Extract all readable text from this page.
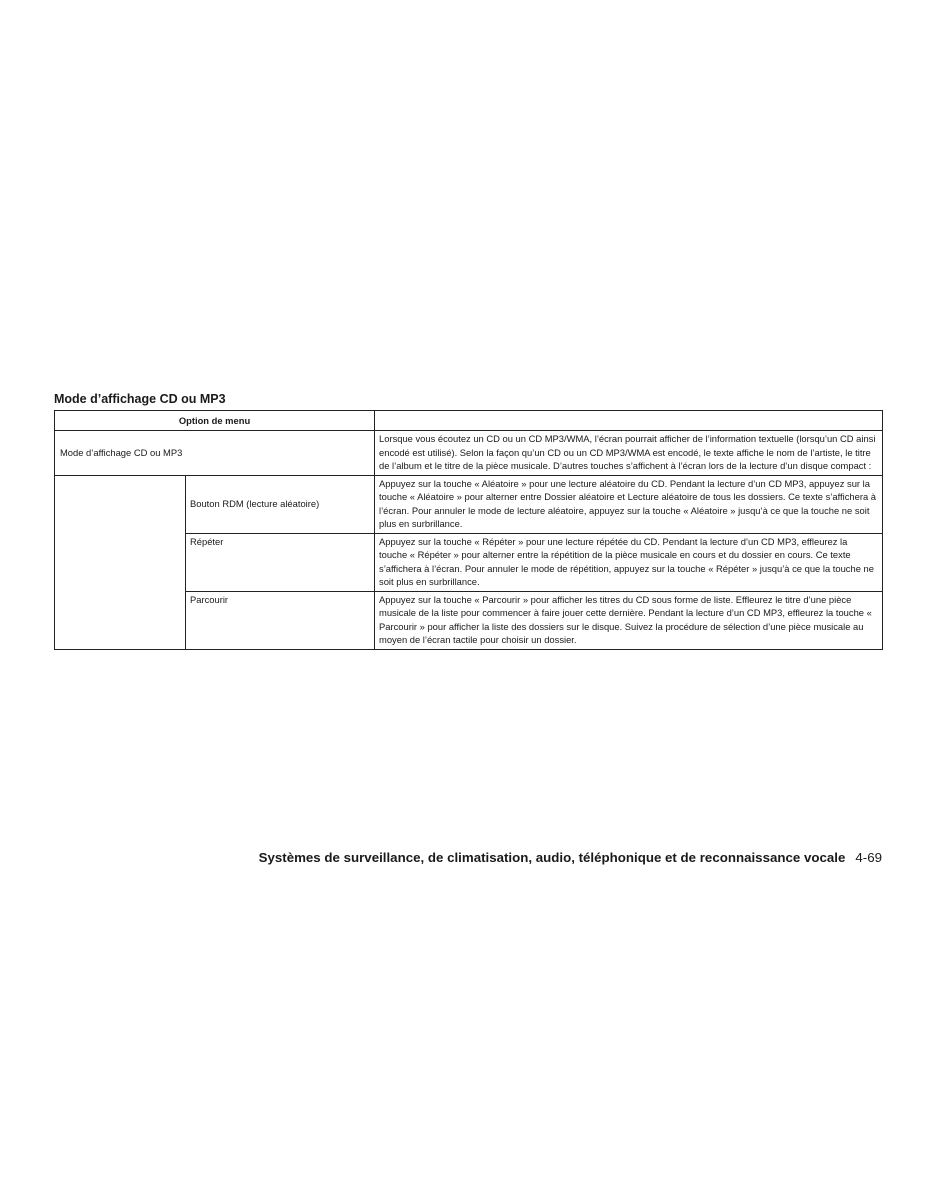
Mode d’affichage CD ou MP3
Option de menu		
Mode d’affichage CD ou MP3		Lorsque vous écoutez un CD ou un CD MP3/WMA, l’écran pourrait afficher de l’information textuelle (lorsqu’un CD ainsi encodé est utilisé). Selon la façon qu’un CD ou un CD MP3/WMA est encodé, le texte affiche le nom de l’artiste, le titre de l’album et le titre de la pièce musicale. D’autres touches s’affichent à l’écran lors de la lecture d’un disque compact :
	Bouton RDM (lecture aléatoire)	Appuyez sur la touche « Aléatoire » pour une lecture aléatoire du CD. Pendant la lecture d’un CD MP3, appuyez sur la touche « Aléatoire » pour alterner entre Dossier aléatoire et Lecture aléatoire de tous les dossiers. Ce texte s’affichera à l’écran. Pour annuler le mode de lecture aléatoire, appuyez sur la touche « Aléatoire » jusqu’à ce que la touche ne soit plus en surbrillance.
	Répéter	Appuyez sur la touche « Répéter » pour une lecture répétée du CD. Pendant la lecture d’un CD MP3, effleurez la touche « Répéter » pour alterner entre la répétition de la pièce musicale en cours et du dossier en cours. Ce texte s’affichera à l’écran. Pour annuler le mode de répétition, appuyez sur la touche « Répéter » jusqu’à ce que la touche ne soit plus en surbrillance.
	Parcourir	Appuyez sur la touche « Parcourir » pour afficher les titres du CD sous forme de liste. Effleurez le titre d’une pièce musicale de la liste pour commencer à faire jouer cette dernière. Pendant la lecture d’un CD MP3, effleurez la touche « Parcourir » pour afficher la liste des dossiers sur le disque. Suivez la procédure de sélection d’une pièce musicale au moyen de l’écran tactile pour choisir un dossier.
Systèmes de surveillance, de climatisation, audio, téléphonique et de reconnaissance vocale 4-69
